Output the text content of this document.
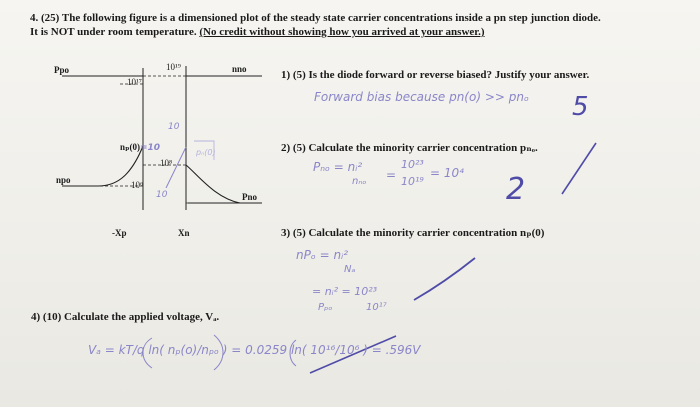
4. (25) The following figure is a dimensioned plot of the steady state carrier concentrations inside a pn step junction diode.
It is NOT under room temperature. (No credit without showing how you arrived at your answer.)
Ppo	nno
10¹⁹
10¹⁷
nₚ(0)=10
10
pₙ(0)
10⁸
npo	10⁶
10	Pno
-Xp	Xn
1) (5) Is the diode forward or reverse biased? Justify your answer.
2) (5) Calculate the minority carrier concentration pₙₒ.
3) (5) Calculate the minority carrier concentration nₚ(0)
4) (10) Calculate the applied voltage, Vₐ.
Forward bias because pn(o) >> pnₒ 5
Pₙₒ = nᵢ²
nₙₒ =
10²³
10¹⁹
= 10⁴ 2
nPₒ = nᵢ²
Nₐ
= nᵢ² = 10²³
Pₚₒ	10¹⁷
Vₐ = kT/q ln( nₚ(o)/nₚₒ ) = 0.0259 ln( 10¹⁶/10⁶ ) = .596V
